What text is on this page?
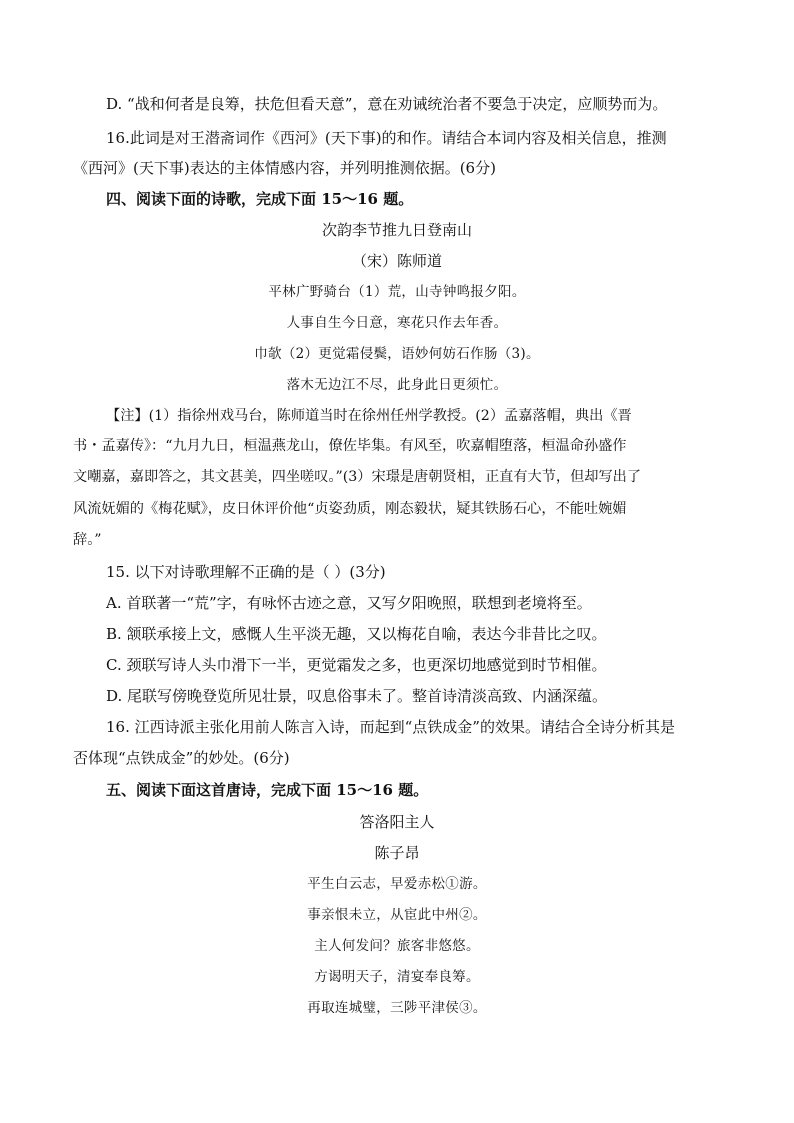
D. “战和何者是良筹，扶危但看天意”，意在劝诫统治者不要急于决定，应顺势而为。
16.此词是对王潜斋词作《西河》(天下事)的和作。请结合本词内容及相关信息，推测
《西河》(天下事)表达的主体情感内容，并列明推测依据。(6分)
四、阅读下面的诗歌，完成下面 15～16 题。
次韵李节推九日登南山
（宋）陈师道
平林广野骑台（1）荒，山寺钟鸣报夕阳。
人事自生今日意，寒花只作去年香。
巾欹（2）更觉霜侵鬓，语妙何妨石作肠（3)。
落木无边江不尽，此身此日更须忙。
【注】(1）指徐州戏马台，陈师道当时在徐州任州学教授。(2）孟嘉落帽，典出《晋
书・孟嘉传》：“九月九日，桓温燕龙山，僚佐毕集。有风至，吹嘉帽堕落，桓温命孙盛作
文嘲嘉，嘉即答之，其文甚美，四坐嗟叹。”(3）宋璟是唐朝贤相，正直有大节，但却写出了
风流妩媚的《梅花赋》，皮日休评价他“贞姿劲质，刚态毅状，疑其铁肠石心，不能吐婉媚
辞。”
15. 以下对诗歌理解不正确的是（ ）(3分)
A. 首联著一“荒”字，有咏怀古迹之意，又写夕阳晚照，联想到老境将至。
B. 颔联承接上文，感慨人生平淡无趣，又以梅花自喻，表达今非昔比之叹。
C. 颈联写诗人头巾滑下一半，更觉霜发之多，也更深切地感觉到时节相催。
D. 尾联写傍晚登览所见壮景，叹息俗事未了。整首诗清淡高致、内涵深蕴。
16. 江西诗派主张化用前人陈言入诗，而起到“点铁成金”的效果。请结合全诗分析其是
否体现“点铁成金”的妙处。(6分)
五、阅读下面这首唐诗，完成下面 15～16 题。
答洛阳主人
陈子昂
平生白云志，早爱赤松①游。
事亲恨未立，从宦此中州②。
主人何发问？旅客非悠悠。
方谒明天子，清宴奉良筹。
再取连城璧，三陟平津侯③。
